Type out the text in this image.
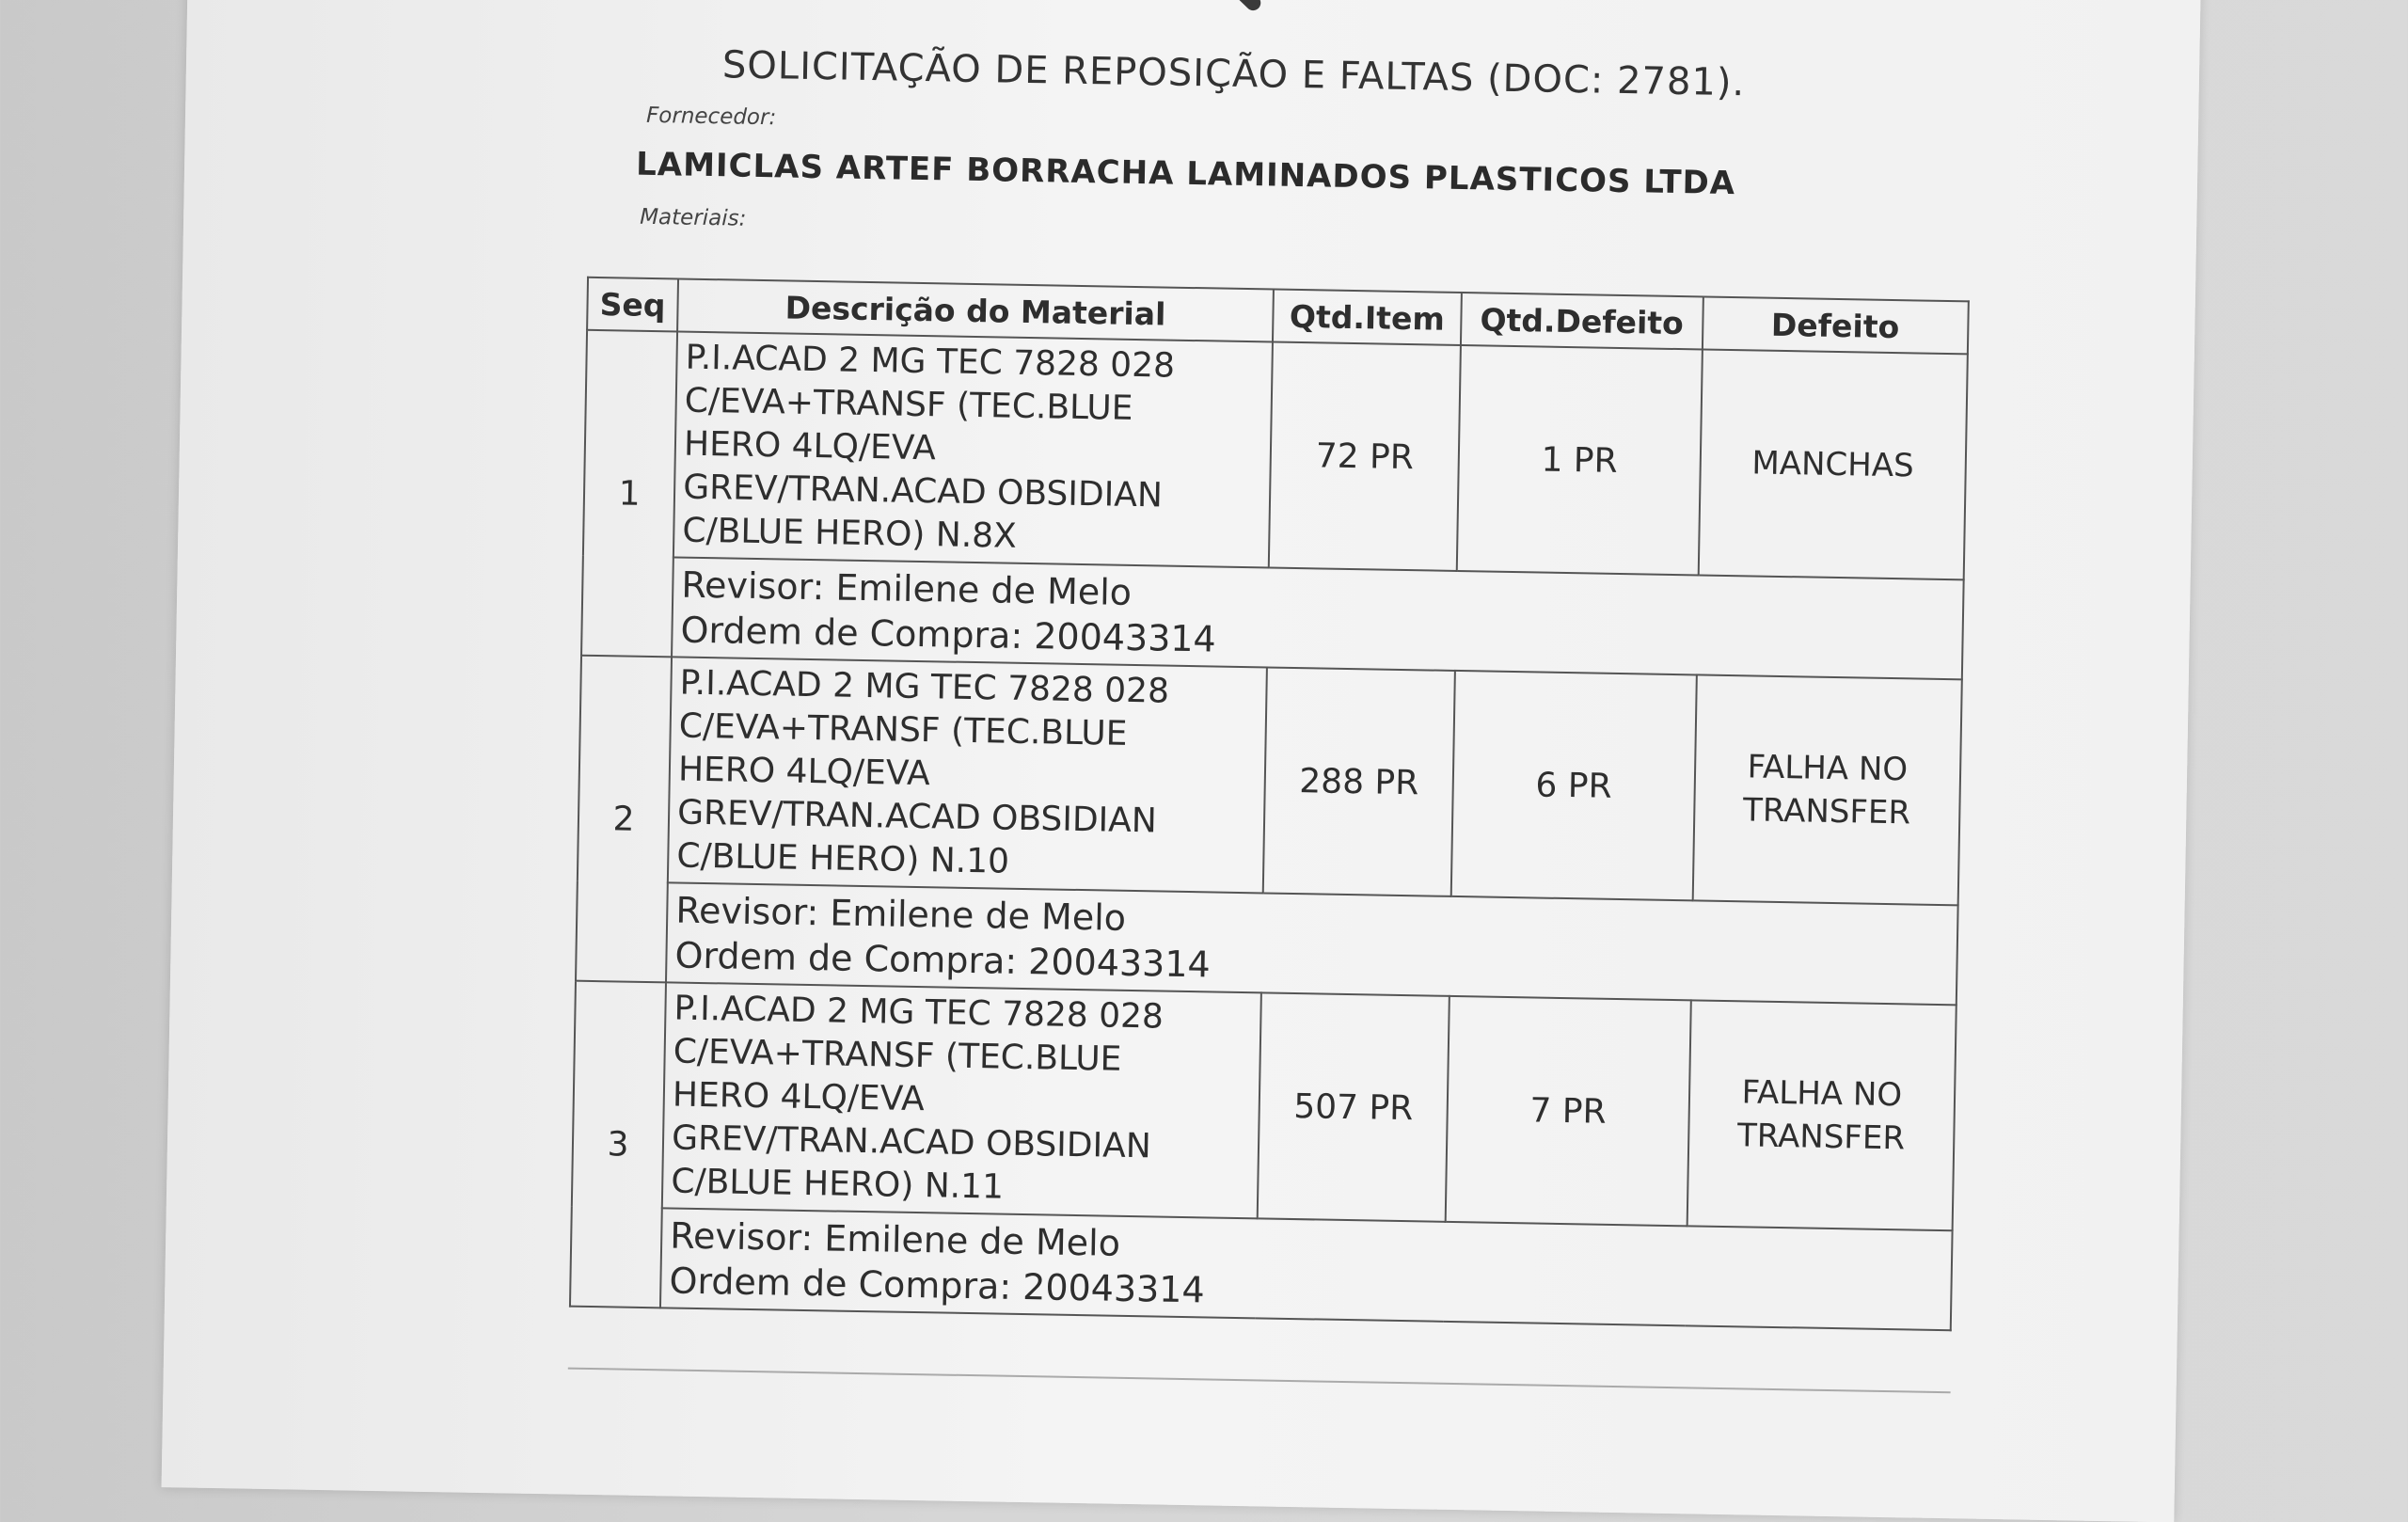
SOLICITAÇÃO DE REPOSIÇÃO E FALTAS (DOC: 2781).
Fornecedor:
LAMICLAS ARTEF BORRACHA LAMINADOS PLASTICOS LTDA
Materiais:
Seq	Descrição do Material	Qtd.Item	Qtd.Defeito	Defeito
1	P.I.ACAD 2 MG TEC 7828 028
C/EVA+TRANSF (TEC.BLUE
HERO 4LQ/EVA
GREV/TRAN.ACAD OBSIDIAN
C/BLUE HERO) N.8X	72 PR	1 PR	MANCHAS

	Revisor: Emilene de Melo
Ordem de Compra: 20043314			

2	P.I.ACAD 2 MG TEC 7828 028
C/EVA+TRANSF (TEC.BLUE
HERO 4LQ/EVA
GREV/TRAN.ACAD OBSIDIAN
C/BLUE HERO) N.10	288 PR	6 PR	FALHA NO
TRANSFER

	Revisor: Emilene de Melo
Ordem de Compra: 20043314			

3	P.I.ACAD 2 MG TEC 7828 028
C/EVA+TRANSF (TEC.BLUE
HERO 4LQ/EVA
GREV/TRAN.ACAD OBSIDIAN
C/BLUE HERO) N.11	507 PR	7 PR	FALHA NO
TRANSFER

	Revisor: Emilene de Melo
Ordem de Compra: 20043314			
